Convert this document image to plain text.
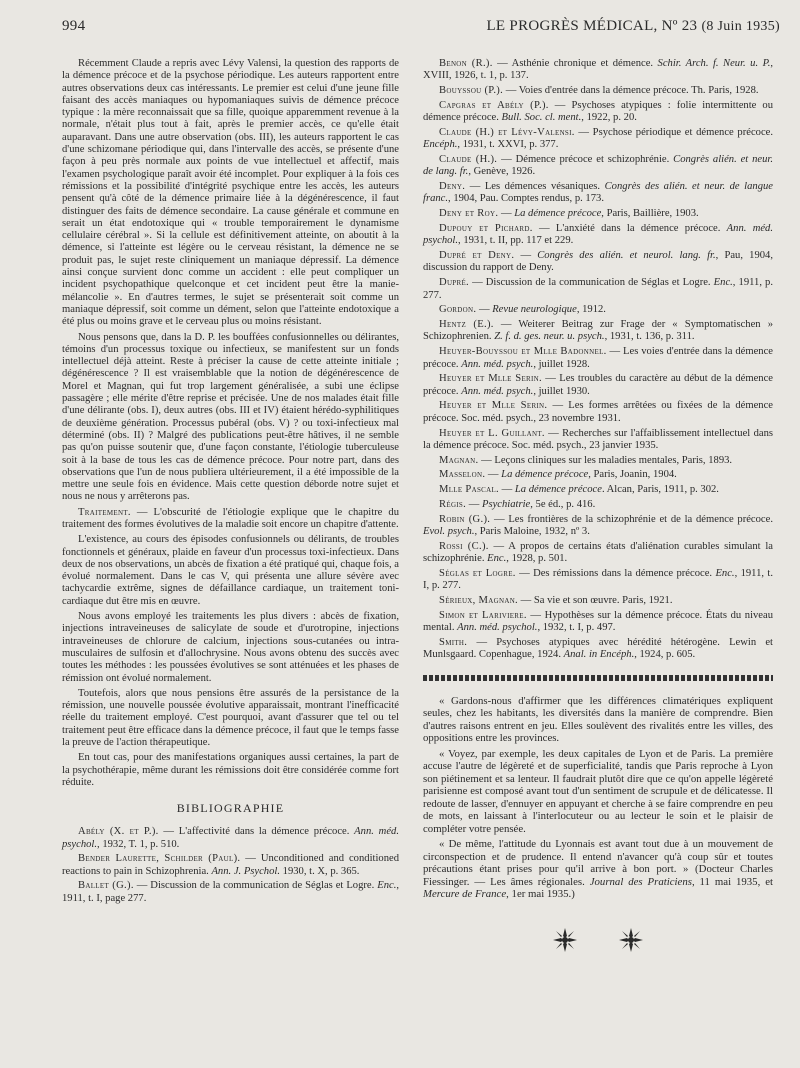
994	LE PROGRÈS MÉDICAL, Nº 23 (8 Juin 1935)

Récemment Claude a repris avec Lévy Valensi, la question des rapports de la démence précoce et de la psychose périodique. Les auteurs rapportent entre autres observations deux cas intéressants. Le premier est celui d'une jeune fille faisant des accès maniaques ou hypomaniaques suivis de démence précoce typique : la mère reconnaissait que sa fille, quoique apparemment revenue à la normale, n'était plus tout à fait, après le premier accès, ce qu'elle était auparavant. Dans une autre observation (obs. III), les auteurs rapportent le cas d'une schizomane périodique qui, dans l'intervalle des accès, se présente d'une façon à peu près normale aux points de vue intellectuel et affectif, mais l'examen psychologique paraît avoir été incomplet. Pour expliquer à la fois ces rémissions et la possibilité d'intégrité psychique entre les accès, les auteurs pensent qu'à côté de la démence primaire liée à la dégénérescence, il faut distinguer des faits de démence secondaire. La cause générale et commune en serait un état endotoxique qui « trouble temporairement le dynamisme cellulaire cérébral ». Si la cellule est définitivement atteinte, on aboutit à la démence, si l'atteinte est légère ou le cerveau résistant, la démence ne se produit pas, le sujet reste cliniquement un maniaque dépressif. La démence ainsi conçue survient donc comme un accident : elle peut compliquer un incident psychopathique quelconque et cet incident peut être la manie-mélancolie ». En d'autres termes, le sujet se présenterait soit comme un maniaque dépressif, soit comme un dément, selon que l'atteinte endotoxique a été plus ou moins grave et le cerveau plus ou moins résistant.

Nous pensons que, dans la D. P. les bouffées confusionnelles ou délirantes, témoins d'un processus toxique ou infectieux, se manifestent sur un fonds intellectuel déjà atteint. Reste à préciser la cause de cette atteinte initiale ; dégénérescence ? Il est vraisemblable que la notion de dégénérescence de Morel et Magnan, qui fut trop largement généralisée, a subi une éclipse passagère ; elle mérite d'être reprise et précisée. Une de nos malades était fille d'une délirante (obs. I), deux autres (obs. III et IV) étaient hérédo-syphilitiques de deuxième génération. Processus pubéral (obs. V) ? ou toxi-infectieux mal déterminé (obs. II) ? Malgré des publications peut-être hâtives, il ne semble pas qu'on puisse soutenir que, d'une façon constante, l'étiologie tuberculeuse soit à la base de tous les cas de démence précoce. Pour notre part, dans des observations que l'un de nous publiera ultérieurement, il a été impossible de la mettre une seule fois en évidence. Mais cette question déborde notre sujet et nous ne nous y arrêterons pas.

Traitement. — L'obscurité de l'étiologie explique que le chapitre du traitement des formes évolutives de la maladie soit encore un chapitre d'attente.

L'existence, au cours des épisodes confusionnels ou délirants, de troubles fonctionnels et généraux, plaide en faveur d'un processus toxi-infectieux. Dans deux de nos observations, un abcès de fixation a été pratiqué qui, chaque fois, a évolué normalement. Dans le cas V, qui présenta une allure sévère avec tachycardie extrême, signes de défaillance cardiaque, un traitement toni-cardiaque dut être mis en œuvre.

Nous avons employé les traitements les plus divers : abcès de fixation, injections intraveineuses de salicylate de soude et d'urotropine, injections intraveineuses de chlorure de calcium, injections sous-cutanées ou intra-musculaires de sulfosin et d'allochrysine. Nous avons obtenu des succès avec toutes les méthodes : les poussées évolutives se sont atténuées et les phases de rémission ont évolué normalement.

Toutefois, alors que nous pensions être assurés de la persistance de la rémission, une nouvelle poussée évolutive apparaissait, montrant l'inefficacité réelle du traitement employé. C'est pourquoi, avant d'assurer que tel ou tel traitement peut être efficace dans la démence précoce, il faut que le temps fasse la preuve de l'action thérapeutique.

En tout cas, pour des manifestations organiques aussi certaines, la part de la psychothérapie, même durant les rémissions doit être considérée comme fort réduite.

BIBLIOGRAPHIE

Abély (X. et P.). — L'affectivité dans la démence précoce. Ann. méd. psychol., 1932, T. 1, p. 510.

Bender Laurette, Schilder (Paul). — Unconditioned and conditioned reactions to pain in Schizophrenia. Ann. J. Psychol. 1930, t. X, p. 365.

Ballet (G.). — Discussion de la communication de Séglas et Logre. Enc., 1911, t. I, page 277.

Benon (R.). — Asthénie chronique et démence. Schir. Arch. f. Neur. u. P., XVIII, 1926, t. 1, p. 137.

Bouyssou (P.). — Voies d'entrée dans la démence précoce. Th. Paris, 1928.

Capgras et Abély (P.). — Psychoses atypiques : folie intermittente ou démence précoce. Bull. Soc. cl. ment., 1922, p. 20.

Claude (H.) et Lévy-Valensi. — Psychose périodique et démence précoce. Encéph., 1931, t. XXVI, p. 377.

Claude (H.). — Démence précoce et schizophrénie. Congrès alién. et neur. de lang. fr., Genève, 1926.

Deny. — Les démences vésaniques. Congrès des alién. et neur. de langue franc., 1904, Pau. Comptes rendus, p. 173.

Deny et Roy. — La démence précoce, Paris, Baillière, 1903.

Dupouy et Pichard. — L'anxiété dans la démence précoce. Ann. méd. psychol., 1931, t. II, pp. 117 et 229.

Dupré et Deny. — Congrès des alién. et neurol. lang. fr., Pau, 1904, discussion du rapport de Deny.

Dupré. — Discussion de la communication de Séglas et Logre. Enc., 1911, p. 277.

Gordon. — Revue neurologique, 1912.

Hentz (E.). — Weiterer Beitrag zur Frage der « Symptomatischen » Schizophrenien. Z. f. d. ges. neur. u. psych., 1931, t. 136, p. 311.

Heuyer-Bouyssou et Mlle Badonnel. — Les voies d'entrée dans la démence précoce. Ann. méd. psych., juillet 1928.

Heuyer et Mlle Serin. — Les troubles du caractère au début de la démence précoce. Ann. méd. psych., juillet 1930.

Heuyer et Mlle Serin. — Les formes arrêtées ou fixées de la démence précoce. Soc. méd. psych., 23 novembre 1931.

Heuyer et L. Guillant. — Recherches sur l'affaiblissement intellectuel dans la démence précoce. Soc. méd. psych., 23 janvier 1935.

Magnan. — Leçons cliniques sur les maladies mentales, Paris, 1893.

Masselon. — La démence précoce, Paris, Joanin, 1904.

Mlle Pascal. — La démence précoce. Alcan, Paris, 1911, p. 302.

Régis. — Psychiatrie, 5e éd., p. 416.

Robin (G.). — Les frontières de la schizophrénie et de la démence précoce. Evol. psych., Paris Maloine, 1932, nº 3.

Rossi (C.). — A propos de certains états d'aliénation curables simulant la schizophrénie. Enc., 1928, p. 501.

Séglas et Logre. — Des rémissions dans la démence précoce. Enc., 1911, t. I, p. 277.

Sérieux, Magnan. — Sa vie et son œuvre. Paris, 1921.

Simon et Lariviere. — Hypothèses sur la démence précoce. États du niveau mental. Ann. méd. psychol., 1932, t. I, p. 497.

Smith. — Psychoses atypiques avec hérédité hétérogène. Lewin et Munlsgaard. Copenhague, 1924. Anal. in Encéph., 1924, p. 605.

« Gardons-nous d'affirmer que les différences climatériques expliquent seules, chez les habitants, les diversités dans la manière de comprendre. Bien d'autres raisons entrent en jeu. Elles soulèvent des rivalités entre les villes, des oppositions entre les provinces.

« Voyez, par exemple, les deux capitales de Lyon et de Paris. La première accuse l'autre de légèreté et de superficialité, tandis que Paris reproche à Lyon son piétinement et sa lenteur. Il faudrait plutôt dire que ce qu'on appelle légèreté parisienne est composé avant tout d'un sentiment de scrupule et de délicatesse. Il redoute de lasser, d'ennuyer en appuyant et cherche à se faire comprendre en peu de mots, en laissant à l'interlocuteur ou au lecteur le soin et le plaisir de compléter votre pensée.

« De même, l'attitude du Lyonnais est avant tout due à un mouvement de circonspection et de prudence. Il entend n'avancer qu'à coup sûr et toutes précautions étant prises pour qu'il arrive à bon port. » (Docteur Charles Fiessinger. — Les âmes régionales. Journal des Praticiens, 11 mai 1935, et Mercure de France, 1er mai 1935.)
